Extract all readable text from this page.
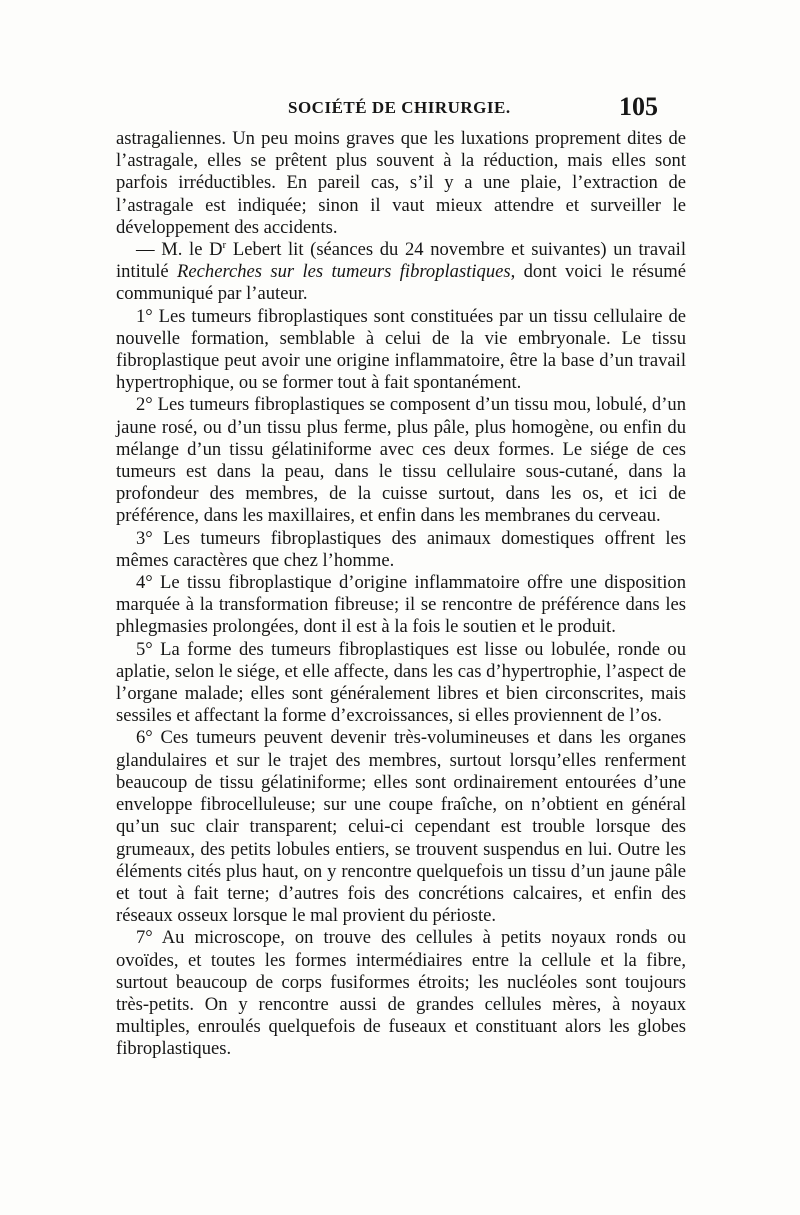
SOCIÉTÉ DE CHIRURGIE.	105

astragaliennes. Un peu moins graves que les luxations proprement dites de l’astragale, elles se prêtent plus souvent à la réduction, mais elles sont parfois irréductibles. En pareil cas, s’il y a une plaie, l’extraction de l’astragale est indiquée; sinon il vaut mieux attendre et surveiller le développement des accidents.

— M. le $D^r$ Lebert lit (séances du 24 novembre et suivantes) un travail intitulé Recherches sur les tumeurs fibroplastiques, dont voici le résumé communiqué par l’auteur.

1° Les tumeurs fibroplastiques sont constituées par un tissu cellulaire de nouvelle formation, semblable à celui de la vie embryonale. Le tissu fibroplastique peut avoir une origine inflammatoire, être la base d’un travail hypertrophique, ou se former tout à fait spontanément.

2° Les tumeurs fibroplastiques se composent d’un tissu mou, lobulé, d’un jaune rosé, ou d’un tissu plus ferme, plus pâle, plus homogène, ou enfin du mélange d’un tissu gélatiniforme avec ces deux formes. Le siége de ces tumeurs est dans la peau, dans le tissu cellulaire sous-cutané, dans la profondeur des membres, de la cuisse surtout, dans les os, et ici de préférence, dans les maxillaires, et enfin dans les membranes du cerveau.

3° Les tumeurs fibroplastiques des animaux domestiques offrent les mêmes caractères que chez l’homme.

4° Le tissu fibroplastique d’origine inflammatoire offre une disposition marquée à la transformation fibreuse; il se rencontre de préférence dans les phlegmasies prolongées, dont il est à la fois le soutien et le produit.

5° La forme des tumeurs fibroplastiques est lisse ou lobulée, ronde ou aplatie, selon le siége, et elle affecte, dans les cas d’hypertrophie, l’aspect de l’organe malade; elles sont généralement libres et bien circonscrites, mais sessiles et affectant la forme d’excroissances, si elles proviennent de l’os.

6° Ces tumeurs peuvent devenir très-volumineuses et dans les organes glandulaires et sur le trajet des membres, surtout lorsqu’elles renferment beaucoup de tissu gélatiniforme; elles sont ordinairement entourées d’une enveloppe fibrocelluleuse; sur une coupe fraîche, on n’obtient en général qu’un suc clair transparent; celui-ci cependant est trouble lorsque des grumeaux, des petits lobules entiers, se trouvent suspendus en lui. Outre les éléments cités plus haut, on y rencontre quelquefois un tissu d’un jaune pâle et tout à fait terne; d’autres fois des concrétions calcaires, et enfin des réseaux osseux lorsque le mal provient du périoste.

7° Au microscope, on trouve des cellules à petits noyaux ronds ou ovoïdes, et toutes les formes intermédiaires entre la cellule et la fibre, surtout beaucoup de corps fusiformes étroits; les nucléoles sont toujours très-petits. On y rencontre aussi de grandes cellules mères, à noyaux multiples, enroulés quelquefois de fuseaux et constituant alors les globes fibroplastiques.
